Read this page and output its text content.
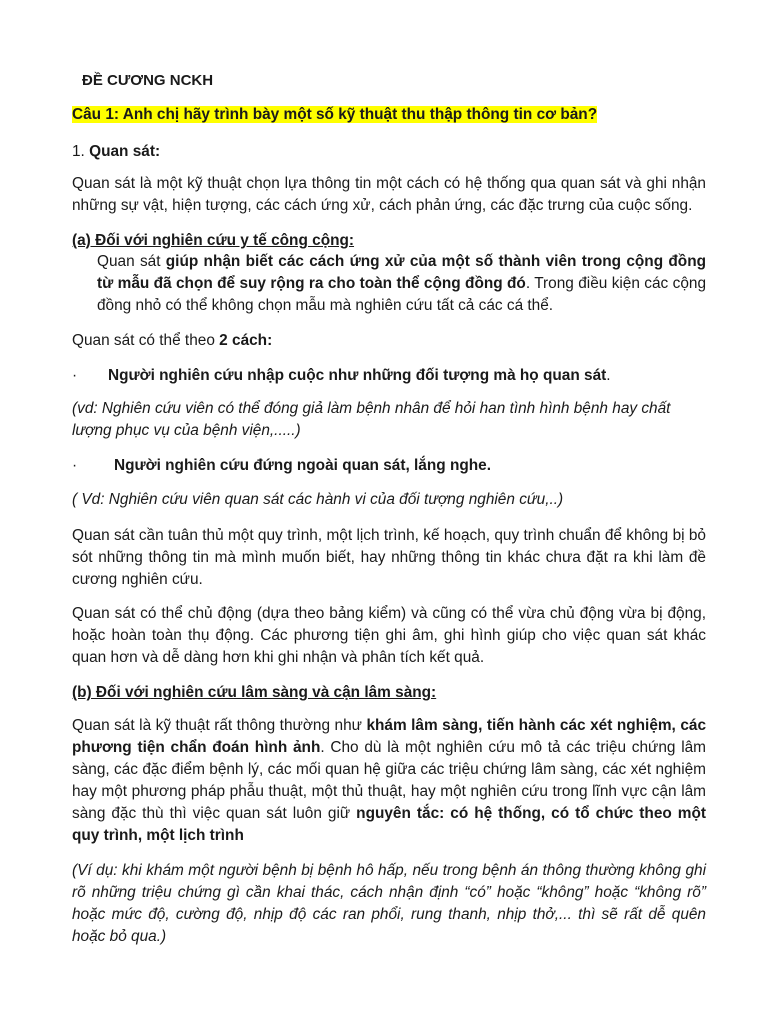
ĐỀ CƯƠNG NCKH
Câu 1: Anh chị hãy trình bày một số kỹ thuật thu thập thông tin cơ bản?

1. Quan sát:

Quan sát là một kỹ thuật chọn lựa thông tin một cách có hệ thống qua quan sát và ghi nhận những sự vật, hiện tượng, các cách ứng xử, cách phản ứng, các đặc trưng của cuộc sống.

(a) Đối với nghiên cứu y tế công cộng:

Quan sát giúp nhận biết các cách ứng xử của một số thành viên trong cộng đồng từ mẫu đã chọn để suy rộng ra cho toàn thể cộng đồng đó. Trong điều kiện các cộng đồng nhỏ có thể không chọn mẫu mà nghiên cứu tất cả các cá thể.

Quan sát có thể theo 2 cách:

· Người nghiên cứu nhập cuộc như những đối tượng mà họ quan sát.

(vd: Nghiên cứu viên có thể đóng giả làm bệnh nhân để hỏi han tình hình bệnh hay chất lượng phục vụ của bệnh viện,.....)

· Người nghiên cứu đứng ngoài quan sát, lắng nghe.

( Vd: Nghiên cứu viên quan sát các hành vi của đối tượng nghiên cứu,..)

Quan sát cần tuân thủ một quy trình, một lịch trình, kế hoạch, quy trình chuẩn để không bị bỏ sót những thông tin mà mình muốn biết, hay những thông tin khác chưa đặt ra khi làm đề cương nghiên cứu.

Quan sát có thể chủ động (dựa theo bảng kiểm) và cũng có thể vừa chủ động vừa bị động, hoặc hoàn toàn thụ động. Các phương tiện ghi âm, ghi hình giúp cho việc quan sát khác quan hơn và dễ dàng hơn khi ghi nhận và phân tích kết quả.

(b) Đối với nghiên cứu lâm sàng và cận lâm sàng:

Quan sát là kỹ thuật rất thông thường như khám lâm sàng, tiến hành các xét nghiệm, các phương tiện chẩn đoán hình ảnh. Cho dù là một nghiên cứu mô tả các triệu chứng lâm sàng, các đặc điểm bệnh lý, các mối quan hệ giữa các triệu chứng lâm sàng, các xét nghiệm hay một phương pháp phẫu thuật, một thủ thuật, hay một nghiên cứu trong lĩnh vực cận lâm sàng đặc thù thì việc quan sát luôn giữ nguyên tắc: có hệ thống, có tổ chức theo một quy trình, một lịch trình

(Ví dụ: khi khám một người bệnh bị bệnh hô hấp, nếu trong bệnh án thông thường không ghi rõ những triệu chứng gì cần khai thác, cách nhận định “có” hoặc “không” hoặc “không rõ” hoặc mức độ, cường độ, nhịp độ các ran phổi, rung thanh, nhịp thở,... thì sẽ rất dễ quên hoặc bỏ qua.)
